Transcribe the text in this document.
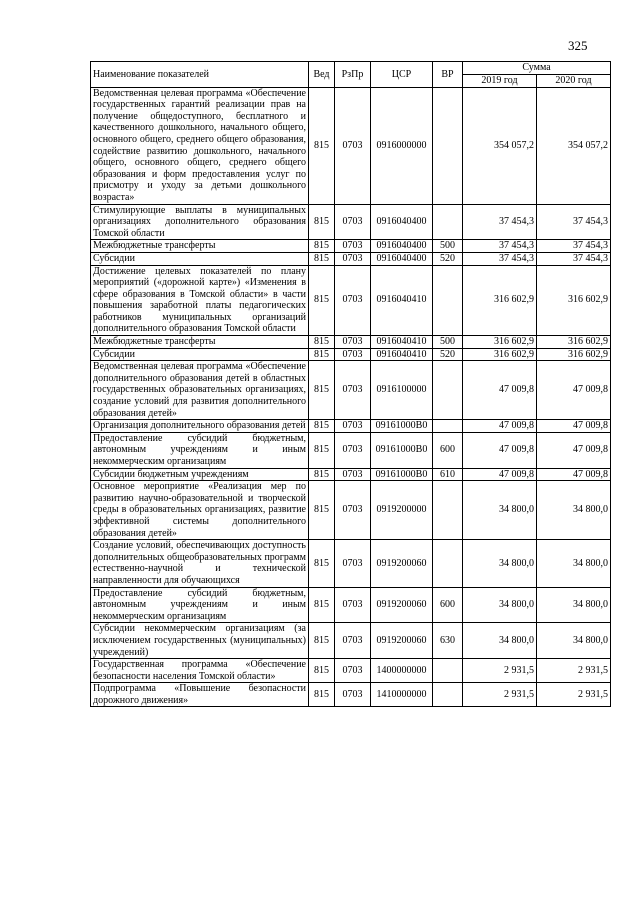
325
Наименование показателей	Вед	РзПр	ЦСР	ВР	Сумма	
					2019 год	2020 год
Ведомственная целевая программа «Обеспечение государственных гарантий реализации прав на получение общедоступного, бесплатного и качественного дошкольного, начального общего, основного общего, среднего общего образования, содействие развитию дошкольного, начального общего, основного общего, среднего общего образования и форм предоставления услуг по присмотру и уходу за детьми дошкольного возраста»	815	0703	0916000000		354 057,2	354 057,2
Стимулирующие выплаты в муниципальных организациях дополнительного образования Томской области	815	0703	0916040400		37 454,3	37 454,3
Межбюджетные трансферты	815	0703	0916040400	500	37 454,3	37 454,3
Субсидии	815	0703	0916040400	520	37 454,3	37 454,3
Достижение целевых показателей по плану мероприятий («дорожной карте») «Изменения в сфере образования в Томской области» в части повышения заработной платы педагогических работников муниципальных организаций дополнительного образования Томской области	815	0703	0916040410		316 602,9	316 602,9
Межбюджетные трансферты	815	0703	0916040410	500	316 602,9	316 602,9
Субсидии	815	0703	0916040410	520	316 602,9	316 602,9
Ведомственная целевая программа «Обеспечение дополнительного образования детей в областных государственных образовательных организациях, создание условий для развития дополнительного образования детей»	815	0703	0916100000		47 009,8	47 009,8
Организация дополнительного образования детей	815	0703	09161000В0		47 009,8	47 009,8
Предоставление субсидий бюджетным, автономным учреждениям и иным некоммерческим организациям	815	0703	09161000В0	600	47 009,8	47 009,8
Субсидии бюджетным учреждениям	815	0703	09161000В0	610	47 009,8	47 009,8
Основное мероприятие «Реализация мер по развитию научно-образовательной и творческой среды в образовательных организациях, развитие эффективной системы дополнительного образования детей»	815	0703	0919200000		34 800,0	34 800,0
Создание условий, обеспечивающих доступность дополнительных общеобразовательных программ естественно-научной и технической направленности для обучающихся	815	0703	0919200060		34 800,0	34 800,0
Предоставление субсидий бюджетным, автономным учреждениям и иным некоммерческим организациям	815	0703	0919200060	600	34 800,0	34 800,0
Субсидии некоммерческим организациям (за исключением государственных (муниципальных) учреждений)	815	0703	0919200060	630	34 800,0	34 800,0
Государственная программа «Обеспечение безопасности населения Томской области»	815	0703	1400000000		2 931,5	2 931,5
Подпрограмма «Повышение безопасности дорожного движения»	815	0703	1410000000		2 931,5	2 931,5
